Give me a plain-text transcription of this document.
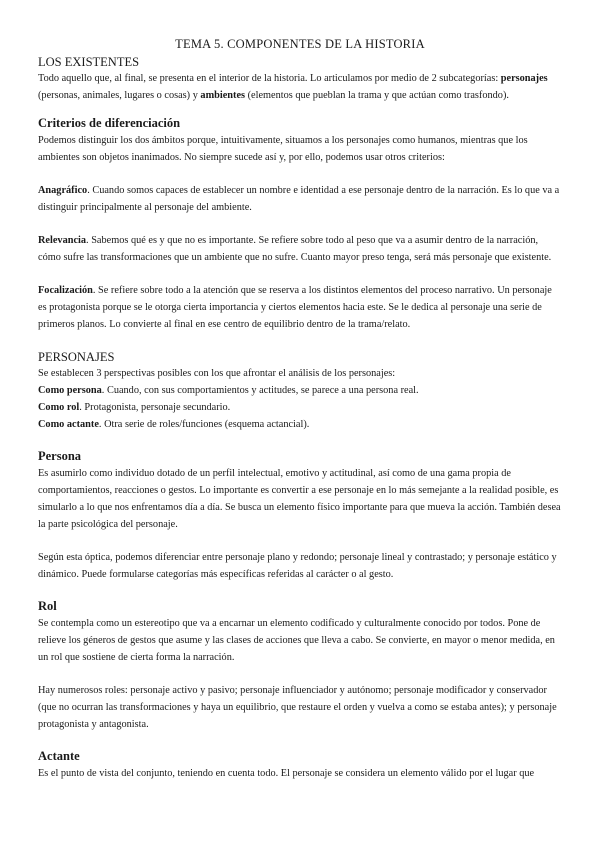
TEMA 5. COMPONENTES DE LA HISTORIA
LOS EXISTENTES

Todo aquello que, al final, se presenta en el interior de la historia. Lo articulamos por medio de 2 subcategorías: personajes (personas, animales, lugares o cosas) y ambientes (elementos que pueblan la trama y que actúan como trasfondo).

Criterios de diferenciación

Podemos distinguir los dos ámbitos porque, intuitivamente, situamos a los personajes como humanos, mientras que los ambientes son objetos inanimados. No siempre sucede así y, por ello, podemos usar otros criterios:

Anagráfico. Cuando somos capaces de establecer un nombre e identidad a ese personaje dentro de la narración. Es lo que va a distinguir principalmente al personaje del ambiente.

Relevancia. Sabemos qué es y que no es importante. Se refiere sobre todo al peso que va a asumir dentro de la narración, cómo sufre las transformaciones que un ambiente que no sufre. Cuanto mayor preso tenga, será más personaje que existente.

Focalización. Se refiere sobre todo a la atención que se reserva a los distintos elementos del proceso narrativo. Un personaje es protagonista porque se le otorga cierta importancia y ciertos elementos hacia este. Se le dedica al personaje una serie de primeros planos. Lo convierte al final en ese centro de equilibrio dentro de la trama/relato.

PERSONAJES

Se establecen 3 perspectivas posibles con los que afrontar el análisis de los personajes:

Como persona. Cuando, con sus comportamientos y actitudes, se parece a una persona real.

Como rol. Protagonista, personaje secundario.

Como actante. Otra serie de roles/funciones (esquema actancial).

Persona

Es asumirlo como individuo dotado de un perfil intelectual, emotivo y actitudinal, así como de una gama propia de comportamientos, reacciones o gestos. Lo importante es convertir a ese personaje en lo más semejante a la realidad posible, es simularlo a lo que nos enfrentamos día a día. Se busca un elemento físico importante para que mueva la acción. También desea la parte psicológica del personaje.

Según esta óptica, podemos diferenciar entre personaje plano y redondo; personaje lineal y contrastado; y personaje estático y dinámico. Puede formularse categorías más específicas referidas al carácter o al gesto.

Rol

Se contempla como un estereotipo que va a encarnar un elemento codificado y culturalmente conocido por todos. Pone de relieve los géneros de gestos que asume y las clases de acciones que lleva a cabo. Se convierte, en mayor o menor medida, en un rol que sostiene de cierta forma la narración.

Hay numerosos roles: personaje activo y pasivo; personaje influenciador y autónomo; personaje modificador y conservador (que no ocurran las transformaciones y haya un equilibrio, que restaure el orden y vuelva a como se estaba antes); y personaje protagonista y antagonista.

Actante

Es el punto de vista del conjunto, teniendo en cuenta todo. El personaje se considera un elemento válido por el lugar que
